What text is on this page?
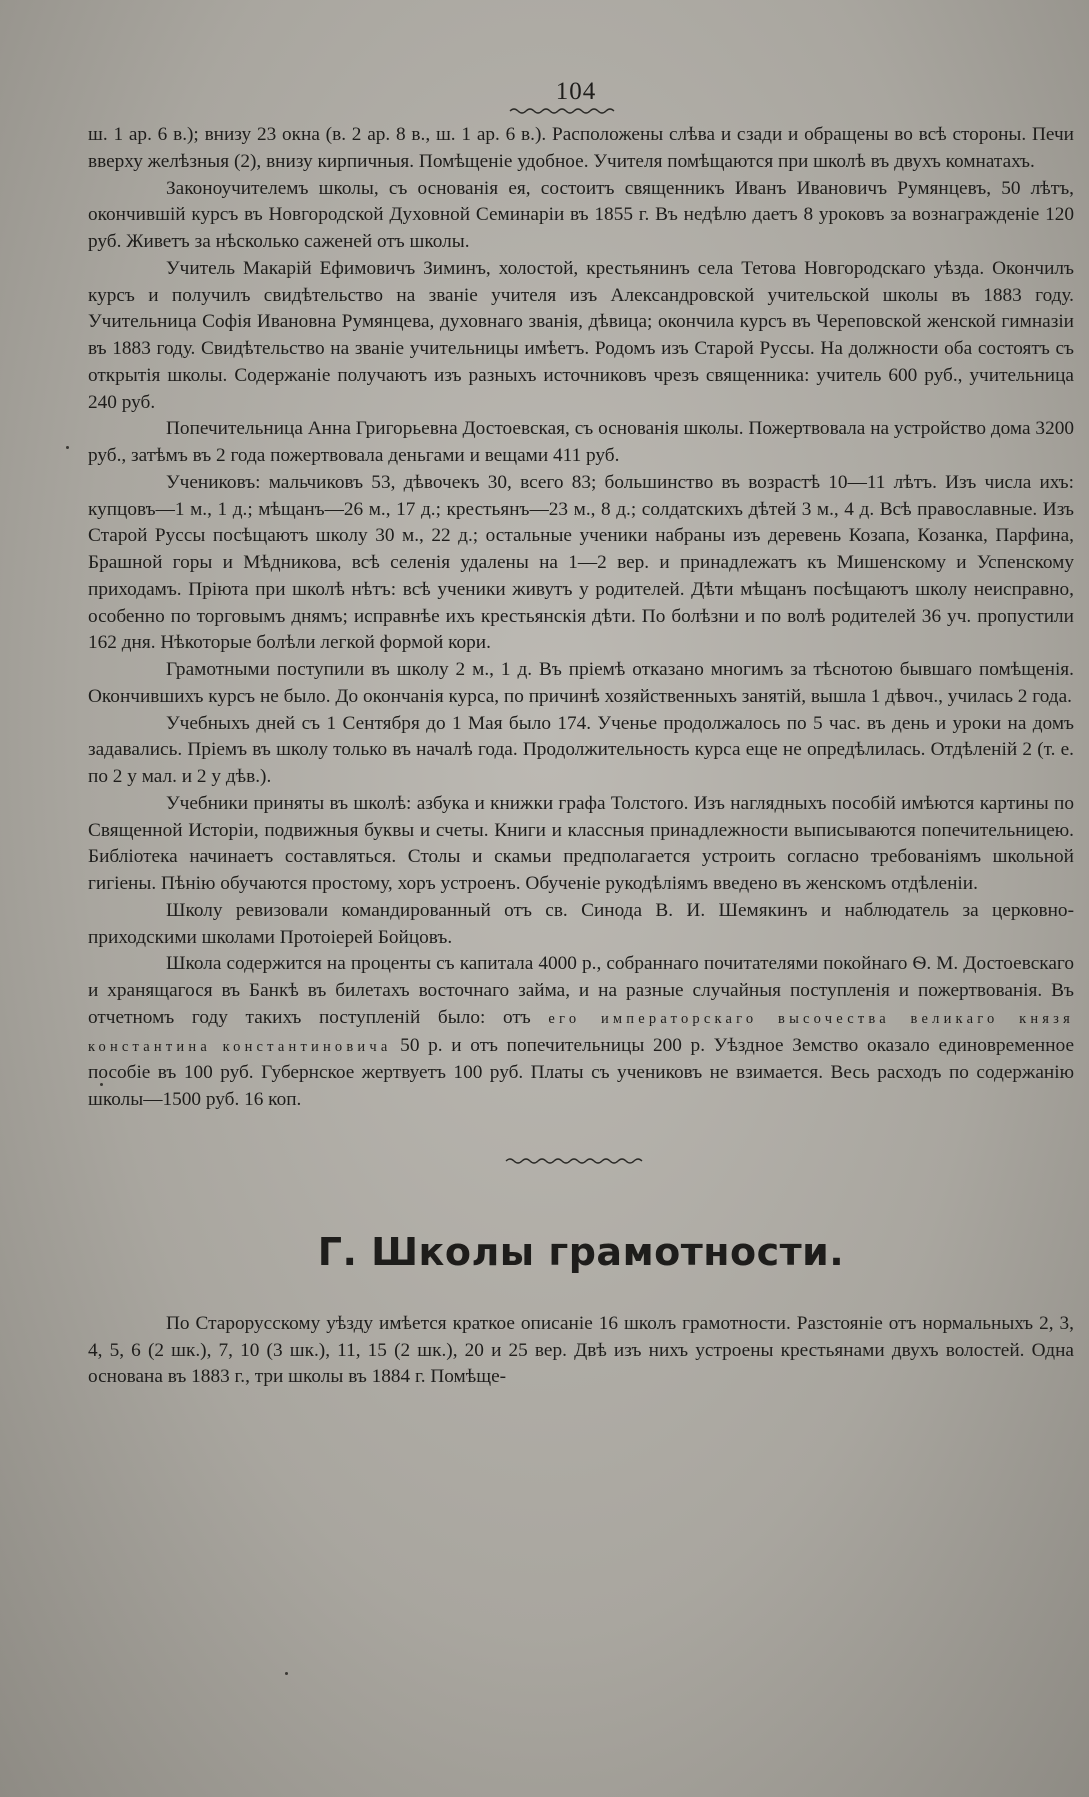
104

ш. 1 ар. 6 в.); внизу 23 окна (в. 2 ар. 8 в., ш. 1 ар. 6 в.). Расположены слѣва и сзади и обращены во всѣ стороны. Печи вверху желѣзныя (2), внизу кирпичныя. Помѣщеніе удобное. Учителя помѣщаются при школѣ въ двухъ комнатахъ.

Законоучителемъ школы, съ основанія ея, состоитъ священникъ Иванъ Ивановичъ Румянцевъ, 50 лѣтъ, окончившій курсъ въ Новгородской Духовной Семинаріи въ 1855 г. Въ недѣлю даетъ 8 уроковъ за вознагражденіе 120 руб. Живетъ за нѣсколько саженей отъ школы.

Учитель Макарій Ефимовичъ Зиминъ, холостой, крестьянинъ села Тетова Новгородскаго уѣзда. Окончилъ курсъ и получилъ свидѣтельство на званіе учителя изъ Александровской учительской школы въ 1883 году. Учительница Софія Ивановна Румянцева, духовнаго званія, дѣвица; окончила курсъ въ Череповской женской гимназіи въ 1883 году. Свидѣтельство на званіе учительницы имѣетъ. Родомъ изъ Старой Руссы. На должности оба состоятъ съ открытія школы. Содержаніе получаютъ изъ разныхъ источниковъ чрезъ священника: учитель 600 руб., учительница 240 руб.

Попечительница Анна Григорьевна Достоевская, съ основанія школы. Пожертвовала на устройство дома 3200 руб., затѣмъ въ 2 года пожертвовала деньгами и вещами 411 руб.

Учениковъ: мальчиковъ 53, дѣвочекъ 30, всего 83; большинство въ возрастѣ 10—11 лѣтъ. Изъ числа ихъ: купцовъ—1 м., 1 д.; мѣщанъ—26 м., 17 д.; крестьянъ—23 м., 8 д.; солдатскихъ дѣтей 3 м., 4 д. Всѣ православные. Изъ Старой Руссы посѣщаютъ школу 30 м., 22 д.; остальные ученики набраны изъ деревень Козапа, Козанка, Парфина, Брашной горы и Мѣдникова, всѣ селенія удалены на 1—2 вер. и принадлежатъ къ Мишенскому и Успенскому приходамъ. Пріюта при школѣ нѣтъ: всѣ ученики живутъ у родителей. Дѣти мѣщанъ посѣщаютъ школу неисправно, особенно по торговымъ днямъ; исправнѣе ихъ крестьянскія дѣти. По болѣзни и по волѣ родителей 36 уч. пропустили 162 дня. Нѣкоторые болѣли легкой формой кори.

Грамотными поступили въ школу 2 м., 1 д. Въ пріемѣ отказано многимъ за тѣснотою бывшаго помѣщенія. Окончившихъ курсъ не было. До окончанія курса, по причинѣ хозяйственныхъ занятій, вышла 1 дѣвоч., училась 2 года.

Учебныхъ дней съ 1 Сентября до 1 Мая было 174. Ученье продолжалось по 5 час. въ день и уроки на домъ задавались. Пріемъ въ школу только въ началѣ года. Продолжительность курса еще не опредѣлилась. Отдѣленій 2 (т. е. по 2 у мал. и 2 у дѣв.).

Учебники приняты въ школѣ: азбука и книжки графа Толстого. Изъ наглядныхъ пособій имѣются картины по Священной Исторіи, подвижныя буквы и счеты. Книги и классныя принадлежности выписываются попечительницею. Библіотека начинаетъ составляться. Столы и скамьи предполагается устроить согласно требованіямъ школьной гигіены. Пѣнію обучаются простому, хоръ устроенъ. Обученіе рукодѣліямъ введено въ женскомъ отдѣленіи.

Школу ревизовали командированный отъ св. Синода В. И. Шемякинъ и наблюдатель за церковно-приходскими школами Протоіерей Бойцовъ.

Школа содержится на проценты съ капитала 4000 р., собраннаго почитателями покойнаго Ѳ. М. Достоевскаго и хранящагося въ Банкѣ въ билетахъ восточнаго займа, и на разные случайныя поступленія и пожертвованія. Въ отчетномъ году такихъ поступленій было: отъ его императорскаго высочества великаго князя константина константиновича 50 р. и отъ попечительницы 200 р. Уѣздное Земство оказало единовременное пособіе въ 100 руб. Губернское жертвуетъ 100 руб. Платы съ учениковъ не взимается. Весь расходъ по содержанію школы—1500 руб. 16 коп.

Г. Школы грамотности.

По Старорусскому уѣзду имѣется краткое описаніе 16 школъ грамотности. Разстояніе отъ нормальныхъ 2, 3, 4, 5, 6 (2 шк.), 7, 10 (3 шк.), 11, 15 (2 шк.), 20 и 25 вер. Двѣ изъ нихъ устроены крестьянами двухъ волостей. Одна основана въ 1883 г., три школы въ 1884 г. Помѣще-
